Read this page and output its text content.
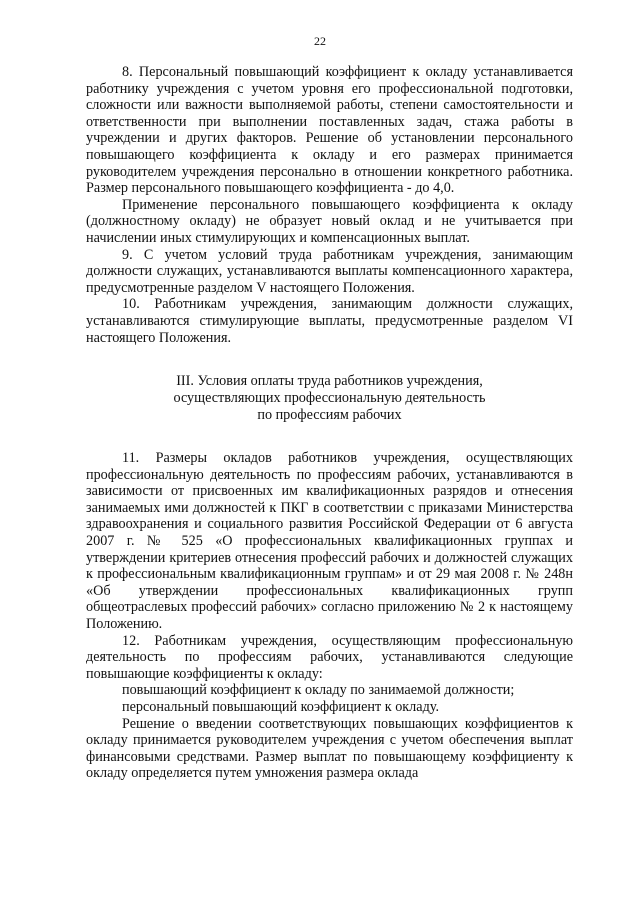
22

8. Персональный повышающий коэффициент к окладу устанавливается работнику учреждения с учетом уровня его профессиональной подготовки, сложности или важности выполняемой работы, степени самостоятельности и ответственности при выполнении поставленных задач, стажа работы в учреждении и других факторов. Решение об установлении персонального повышающего коэффициента к окладу и его размерах принимается руководителем учреждения персонально в отношении конкретного работника. Размер персонального повышающего коэффициента - до 4,0.

Применение персонального повышающего коэффициента к окладу (должностному окладу) не образует новый оклад и не учитывается при начислении иных стимулирующих и компенсационных выплат.

9. С учетом условий труда работникам учреждения, занимающим должности служащих, устанавливаются выплаты компенсационного характера, предусмотренные разделом V настоящего Положения.

10. Работникам учреждения, занимающим должности служащих, устанавливаются стимулирующие выплаты, предусмотренные разделом VI настоящего Положения.

III. Условия оплаты труда работников учреждения,
осуществляющих профессиональную деятельность
по профессиям рабочих

11. Размеры окладов работников учреждения, осуществляющих профессиональную деятельность по профессиям рабочих, устанавливаются в зависимости от присвоенных им квалификационных разрядов и отнесения занимаемых ими должностей к ПКГ в соответствии с приказами Министерства здравоохранения и социального развития Российской Федерации от 6 августа 2007 г. № 525 «О профессиональных квалификационных группах и утверждении критериев отнесения профессий рабочих и должностей служащих к профессиональным квалификационным группам» и от 29 мая 2008 г. № 248н «Об утверждении профессиональных квалификационных групп общеотраслевых профессий рабочих» согласно приложению № 2 к настоящему Положению.

12. Работникам учреждения, осуществляющим профессиональную деятельность по профессиям рабочих, устанавливаются следующие повышающие коэффициенты к окладу:

повышающий коэффициент к окладу по занимаемой должности;

персональный повышающий коэффициент к окладу.

Решение о введении соответствующих повышающих коэффициентов к окладу принимается руководителем учреждения с учетом обеспечения выплат финансовыми средствами. Размер выплат по повышающему коэффициенту к окладу определяется путем умножения размера оклада
